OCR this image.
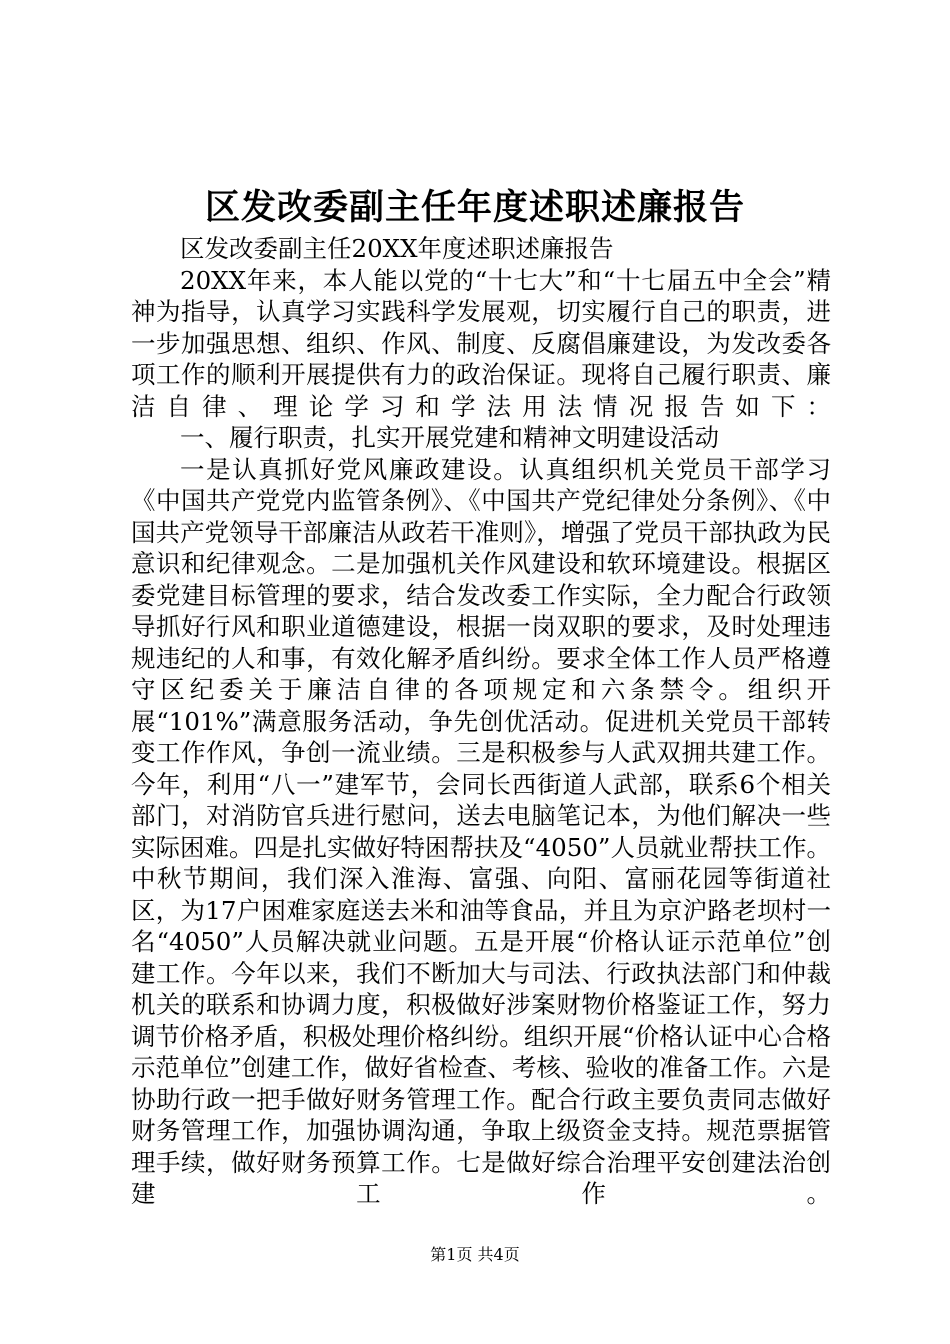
区发改委副主任年度述职述廉报告

区发改委副主任20XX年度述职述廉报告

20XX年来，本人能以党的“十七大”和“十七届五中全会”精神为指导，认真学习实践科学发展观，切实履行自己的职责，进一步加强思想、组织、作风、制度、反腐倡廉建设，为发改委各项工作的顺利开展提供有力的政治保证。现将自己履行职责、廉洁自律、理论学习和学法用法情况报告如下：

一、履行职责，扎实开展党建和精神文明建设活动

一是认真抓好党风廉政建设。认真组织机关党员干部学习《中国共产党党内监管条例》、《中国共产党纪律处分条例》、《中国共产党领导干部廉洁从政若干准则》，增强了党员干部执政为民意识和纪律观念。二是加强机关作风建设和软环境建设。根据区委党建目标管理的要求，结合发改委工作实际，全力配合行政领导抓好行风和职业道德建设，根据一岗双职的要求，及时处理违规违纪的人和事，有效化解矛盾纠纷。要求全体工作人员严格遵守区纪委关于廉洁自律的各项规定和六条禁令。组织开展“101%”满意服务活动，争先创优活动。促进机关党员干部转变工作作风，争创一流业绩。三是积极参与人武双拥共建工作。今年，利用“八一”建军节，会同长西街道人武部，联系6个相关部门，对消防官兵进行慰问，送去电脑笔记本，为他们解决一些实际困难。四是扎实做好特困帮扶及“4050”人员就业帮扶工作。中秋节期间，我们深入淮海、富强、向阳、富丽花园等街道社区，为17户困难家庭送去米和油等食品，并且为京沪路老坝村一名“4050”人员解决就业问题。五是开展“价格认证示范单位”创建工作。今年以来，我们不断加大与司法、行政执法部门和仲裁机关的联系和协调力度，积极做好涉案财物价格鉴证工作，努力调节价格矛盾，积极处理价格纠纷。组织开展“价格认证中心合格示范单位”创建工作，做好省检查、考核、验收的准备工作。六是协助行政一把手做好财务管理工作。配合行政主要负责同志做好财务管理工作，加强协调沟通，争取上级资金支持。规范票据管理手续，做好财务预算工作。七是做好综合治理平安创建法治创建工作。

第1页 共4页
